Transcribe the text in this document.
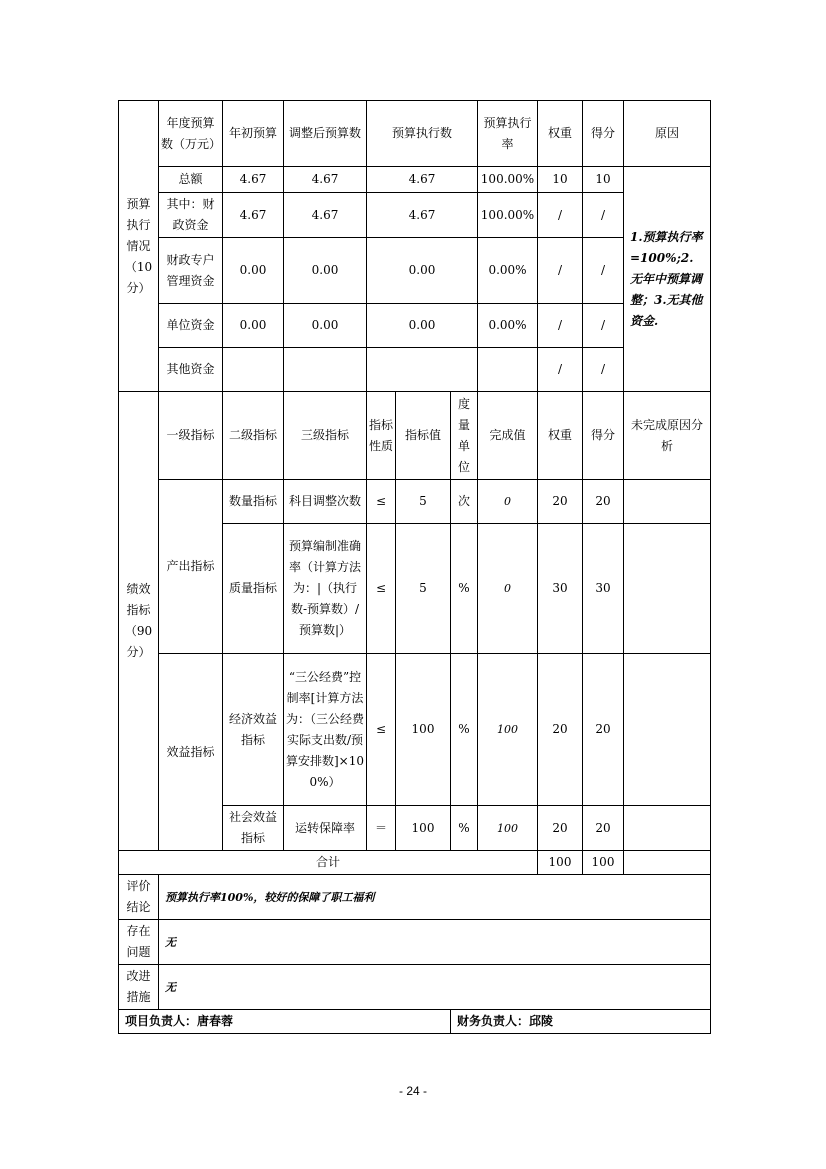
预算执行情况（10分）	年度预算数（万元）	年初预算	调整后预算数	预算执行数			预算执行率	权重	得分	原因
	总额	4.67	4.67	4.67			100.00%	10	10	1.预算执行率=100%;2.无年中预算调整；3.无其他资金.
	其中：财政资金	4.67	4.67	4.67			100.00%	/	/	
	财政专户管理资金	0.00	0.00	0.00			0.00%	/	/	
	单位资金	0.00	0.00	0.00			0.00%	/	/	
	其他资金							/	/	
绩效指标（90分）	一级指标	二级指标	三级指标	指标性质	指标值	度量单位	完成值	权重	得分	未完成原因分析
	产出指标	数量指标	科目调整次数	≤	5	次	0	20	20	
		质量指标	预算编制准确率（计算方法为：|（执行数-预算数）/预算数|）	≤	5	%	0	30	30	
	效益指标	经济效益指标	“三公经费”控制率[计算方法为：（三公经费实际支出数/预算安排数]×100%）	≤	100	%	100	20	20	
		社会效益指标	运转保障率	＝	100	%	100	20	20	
合计								100	100	
评价结论	预算执行率100%，较好的保障了职工福利									
存在问题	无									
改进措施	无									
项目负责人：唐春蓉						财务负责人：邱陵				
- 24 -
